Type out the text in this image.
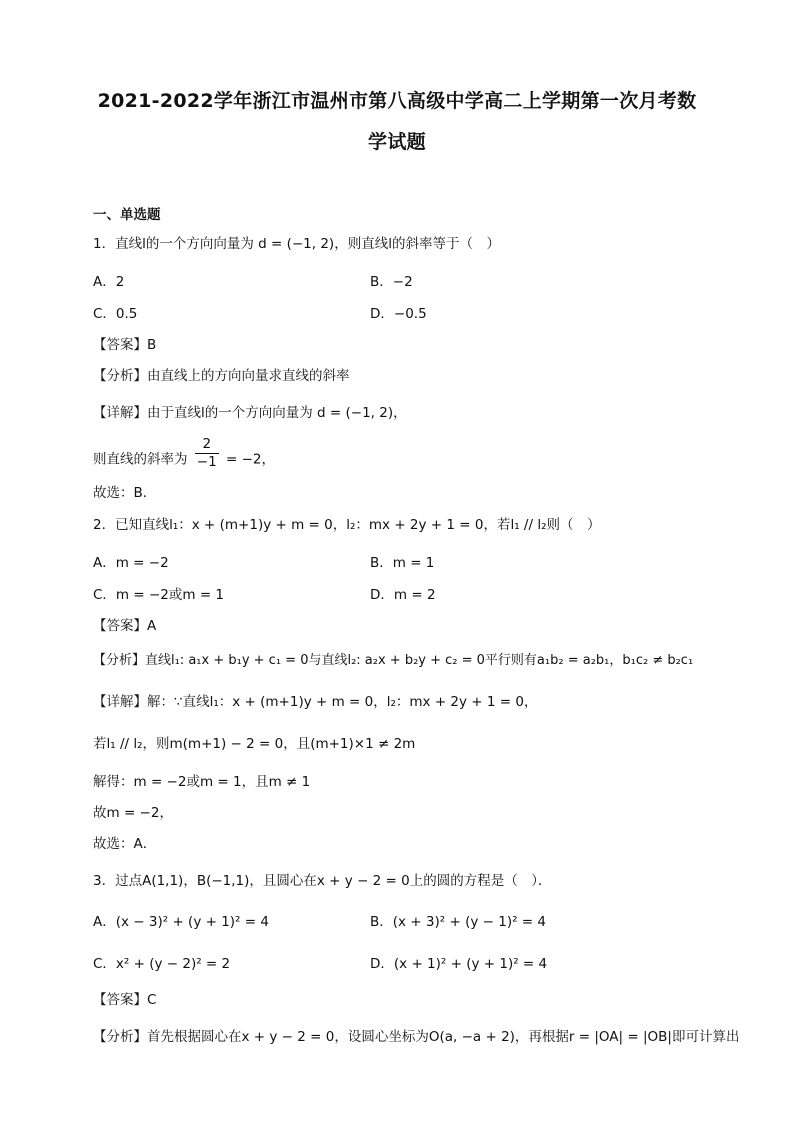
2021-2022学年浙江市温州市第八高级中学高二上学期第一次月考数
学试题
一、单选题
1．直线l的一个方向向量为 d = (−1, 2)，则直线l的斜率等于（　）
A．2	B．−2
C．0.5	D．−0.5
【答案】B
【分析】由直线上的方向向量求直线的斜率
【详解】由于直线l的一个方向向量为 d = (−1, 2)，
则直线的斜率为 $\frac{2}{-1} = -2$，
故选：B．
2．已知直线l₁：x + (m+1)y + m = 0，l₂：mx + 2y + 1 = 0，若l₁ // l₂则（　）
A．m = −2	B．m = 1
C．m = −2或m = 1	D．m = 2
【答案】A
【分析】直线l₁: a₁x + b₁y + c₁ = 0与直线l₂: a₂x + b₂y + c₂ = 0平行则有a₁b₂ = a₂b₁，b₁c₂ ≠ b₂c₁
【详解】解：∵直线l₁：x + (m+1)y + m = 0，l₂：mx + 2y + 1 = 0，
若l₁ // l₂，则m(m+1) − 2 = 0，且(m+1)×1 ≠ 2m
解得：m = −2或m = 1，且m ≠ 1
故m = −2，
故选：A．
3．过点A(1,1)，B(−1,1)，且圆心在x + y − 2 = 0上的圆的方程是（　）．
A．(x − 3)² + (y + 1)² = 4	B．(x + 3)² + (y − 1)² = 4
C．x² + (y − 2)² = 2	D．(x + 1)² + (y + 1)² = 4
【答案】C
【分析】首先根据圆心在x + y − 2 = 0，设圆心坐标为O(a, −a + 2)，再根据r = |OA| = |OB|即可计算出
